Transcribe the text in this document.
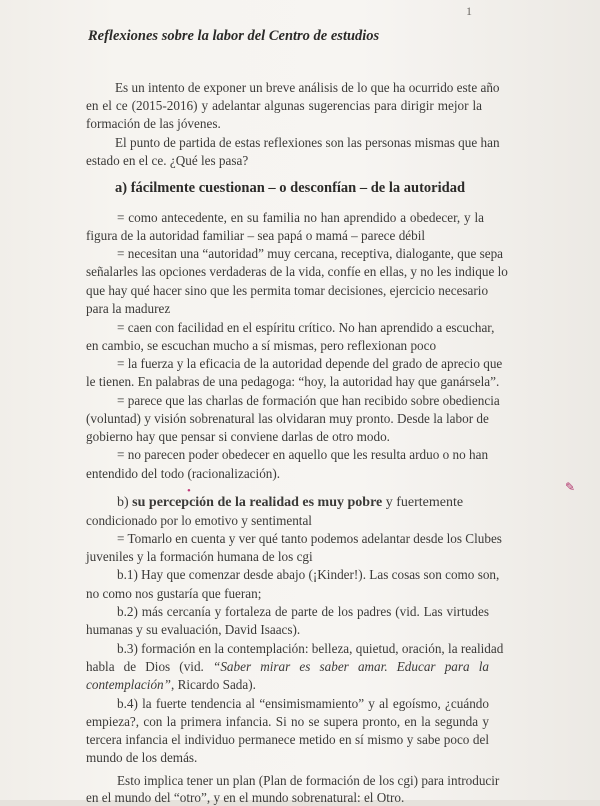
1
Reflexiones sobre la labor del Centro de estudios
Es un intento de exponer un breve análisis de lo que ha ocurrido este año
en el ce (2015-2016) y adelantar algunas sugerencias para dirigir mejor la
formación de las jóvenes.
El punto de partida de estas reflexiones son las personas mismas que han
estado en el ce. ¿Qué les pasa?
a) fácilmente cuestionan – o desconfían – de la autoridad
= como antecedente, en su familia no han aprendido a obedecer, y la
figura de la autoridad familiar – sea papá o mamá – parece débil
= necesitan una “autoridad” muy cercana, receptiva, dialogante, que sepa
señalarles las opciones verdaderas de la vida, confíe en ellas, y no les indique lo
que hay qué hacer sino que les permita tomar decisiones, ejercicio necesario
para la madurez
= caen con facilidad en el espíritu crítico. No han aprendido a escuchar,
en cambio, se escuchan mucho a sí mismas, pero reflexionan poco
= la fuerza y la eficacia de la autoridad depende del grado de aprecio que
le tienen. En palabras de una pedagoga: “hoy, la autoridad hay que ganársela”.
= parece que las charlas de formación que han recibido sobre obediencia
(voluntad) y visión sobrenatural las olvidaran muy pronto. Desde la labor de
gobierno hay que pensar si conviene darlas de otro modo.
= no parecen poder obedecer en aquello que les resulta arduo o no han
entendido del todo (racionalización).
b) su percepción de la realidad es muy pobre y fuertemente
condicionado por lo emotivo y sentimental
= Tomarlo en cuenta y ver qué tanto podemos adelantar desde los Clubes
juveniles y la formación humana de los cgi
b.1) Hay que comenzar desde abajo (¡Kinder!). Las cosas son como son,
no como nos gustaría que fueran;
b.2) más cercanía y fortaleza de parte de los padres (vid. Las virtudes
humanas y su evaluación, David Isaacs).
b.3) formación en la contemplación: belleza, quietud, oración, la realidad
habla de Dios (vid. “Saber mirar es saber amar. Educar para la
contemplación”, Ricardo Sada).
b.4) la fuerte tendencia al “ensimismamiento” y al egoísmo, ¿cuándo
empieza?, con la primera infancia. Si no se supera pronto, en la segunda y
tercera infancia el individuo permanece metido en sí mismo y sabe poco del
mundo de los demás.
Esto implica tener un plan (Plan de formación de los cgi) para introducir
en el mundo del “otro”, y en el mundo sobrenatural: el Otro.
✎
•
